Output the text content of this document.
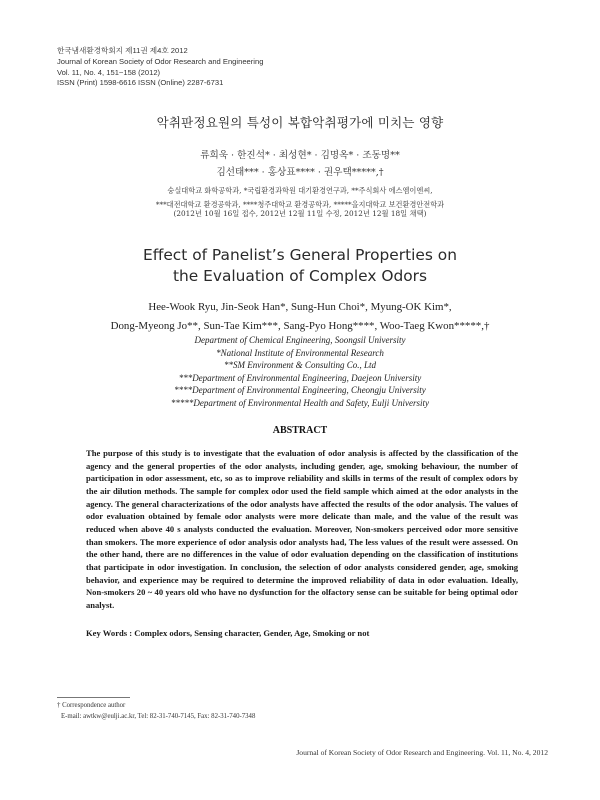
한국냄새환경학회지 제11권 제4호 2012
Journal of Korean Society of Odor Research and Engineering
Vol. 11, No. 4, 151~158 (2012)
ISSN (Print) 1598-6616 ISSN (Online) 2287-6731
악취판정요원의 특성이 복합악취평가에 미치는 영향
류희욱 · 한진석* · 최성현* · 김명옥* · 조동명**
김선태*** · 홍상표**** · 권우택*****,†
숭실대학교 화학공학과, *국립환경과학원 대기환경연구과, **주식회사 에스엠이엔씨,
***대전대학교 환경공학과, ****청주대학교 환경공학과, *****을지대학교 보건환경안전학과
(2012년 10월 16일 접수, 2012년 12월 11일 수정, 2012년 12월 18일 채택)
Effect of Panelist’s General Properties on
the Evaluation of Complex Odors
Hee-Wook Ryu, Jin-Seok Han*, Sung-Hun Choi*, Myung-OK Kim*,
Dong-Myeong Jo**, Sun-Tae Kim***, Sang-Pyo Hong****, Woo-Taeg Kwon*****,†
Department of Chemical Engineering, Soongsil University
*National Institute of Environmental Research
**SM Environment & Consulting Co., Ltd
***Department of Environmental Engineering, Daejeon University
****Department of Environmental Engineering, Cheongju University
*****Department of Environmental Health and Safety, Eulji University
ABSTRACT
The purpose of this study is to investigate that the evaluation of odor analysis is affected by the classification of the agency and the general properties of the odor analysts, including gender, age, smoking behaviour, the number of participation in odor assessment, etc, so as to improve reliability and skills in terms of the result of complex odors by the air dilution methods. The sample for complex odor used the field sample which aimed at the odor analysts in the agency. The general characterizations of the odor analysts have affected the results of the odor analysis. The values of odor evaluation obtained by female odor analysts were more delicate than male, and the value of the result was reduced when above 40 s analysts conducted the evaluation. Moreover, Non-smokers perceived odor more sensitive than smokers. The more experience of odor analysis odor analysts had, The less values of the result were assessed. On the other hand, there are no differences in the value of odor evaluation depending on the classification of institutions that participate in odor investigation. In conclusion, the selection of odor analysts considered gender, age, smoking behavior, and experience may be required to determine the improved reliability of data in odor evaluation. Ideally, Non-smokers 20 ~ 40 years old who have no dysfunction for the olfactory sense can be suitable for being optimal odor analyst.
Key Words : Complex odors, Sensing character, Gender, Age, Smoking or not
† Correspondence author
E-mail: awtkw@eulji.ac.kr, Tel: 82-31-740-7145, Fax: 82-31-740-7348
Journal of Korean Society of Odor Research and Engineering. Vol. 11, No. 4, 2012
